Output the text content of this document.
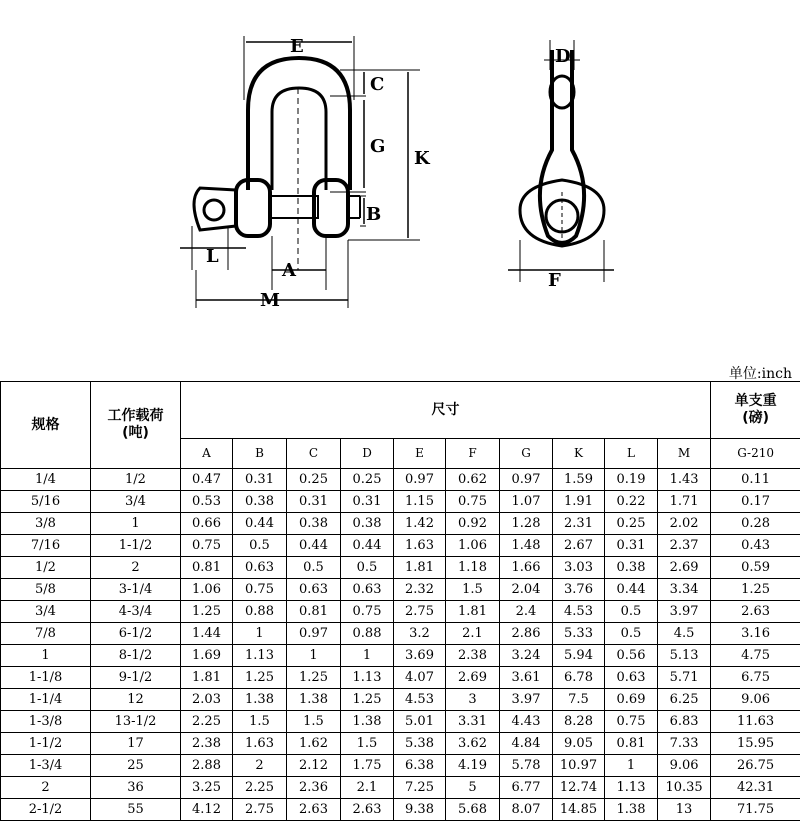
E
C
G
K
B
L
A
M
D
F
单位:inch
规格	工作载荷
(吨)	尺寸										单支重
(磅)
		A	B	C	D	E	F	G	K	L	M	G-210
1/4	1/2	0.47	0.31	0.25	0.25	0.97	0.62	0.97	1.59	0.19	1.43	0.11
5/16	3/4	0.53	0.38	0.31	0.31	1.15	0.75	1.07	1.91	0.22	1.71	0.17
3/8	1	0.66	0.44	0.38	0.38	1.42	0.92	1.28	2.31	0.25	2.02	0.28
7/16	1-1/2	0.75	0.5	0.44	0.44	1.63	1.06	1.48	2.67	0.31	2.37	0.43
1/2	2	0.81	0.63	0.5	0.5	1.81	1.18	1.66	3.03	0.38	2.69	0.59
5/8	3-1/4	1.06	0.75	0.63	0.63	2.32	1.5	2.04	3.76	0.44	3.34	1.25
3/4	4-3/4	1.25	0.88	0.81	0.75	2.75	1.81	2.4	4.53	0.5	3.97	2.63
7/8	6-1/2	1.44	1	0.97	0.88	3.2	2.1	2.86	5.33	0.5	4.5	3.16
1	8-1/2	1.69	1.13	1	1	3.69	2.38	3.24	5.94	0.56	5.13	4.75
1-1/8	9-1/2	1.81	1.25	1.25	1.13	4.07	2.69	3.61	6.78	0.63	5.71	6.75
1-1/4	12	2.03	1.38	1.38	1.25	4.53	3	3.97	7.5	0.69	6.25	9.06
1-3/8	13-1/2	2.25	1.5	1.5	1.38	5.01	3.31	4.43	8.28	0.75	6.83	11.63
1-1/2	17	2.38	1.63	1.62	1.5	5.38	3.62	4.84	9.05	0.81	7.33	15.95
1-3/4	25	2.88	2	2.12	1.75	6.38	4.19	5.78	10.97	1	9.06	26.75
2	36	3.25	2.25	2.36	2.1	7.25	5	6.77	12.74	1.13	10.35	42.31
2-1/2	55	4.12	2.75	2.63	2.63	9.38	5.68	8.07	14.85	1.38	13	71.75
